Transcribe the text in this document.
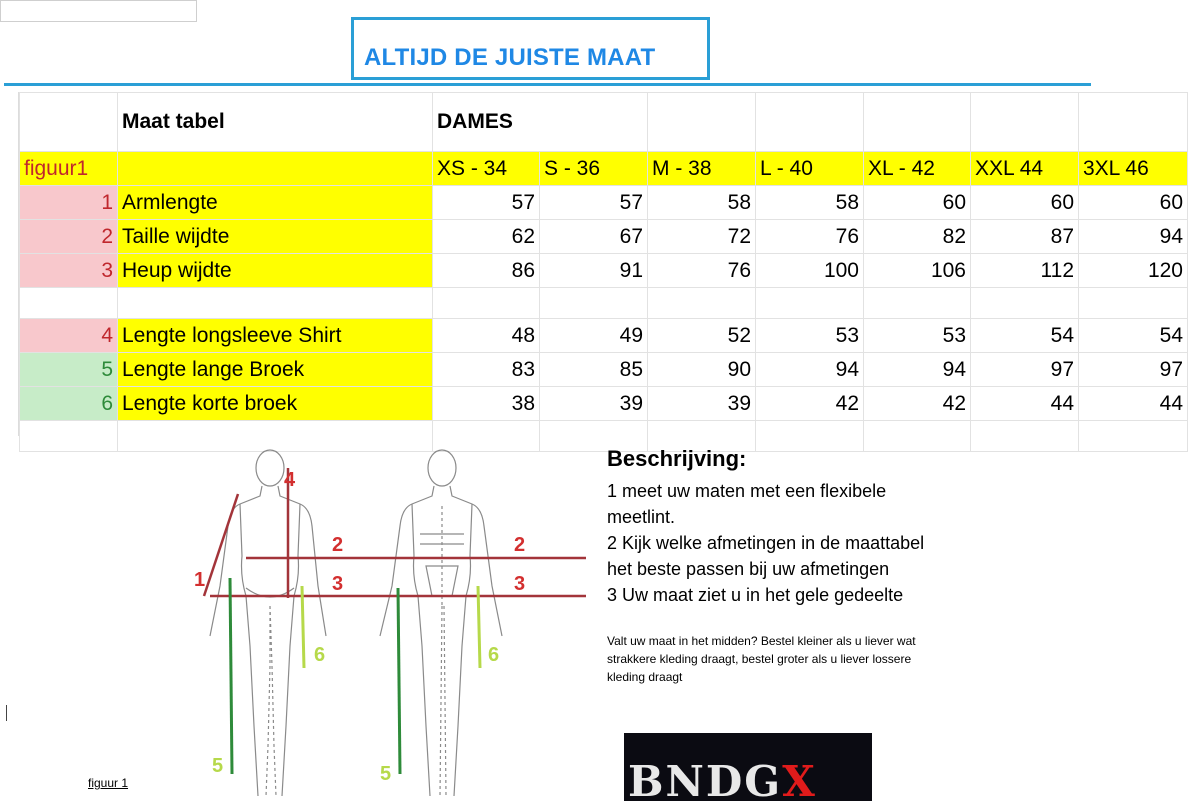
ALTIJD DE JUISTE MAAT
	Maat tabel	DAMES						
figuur1		XS - 34	S - 36	M - 38	L - 40	XL - 42	XXL 44	3XL 46
1	Armlengte	57	57	58	58	60	60	60
2	Taille wijdte	62	67	72	76	82	87	94
3	Heup wijdte	86	91	76	100	106	112	120

4	Lengte longsleeve Shirt	48	49	52	53	53	54	54
5	Lengte lange Broek	83	85	90	94	94	97	97
6	Lengte korte broek	38	39	39	42	42	44	44

4
2	2
3	3
1
6	6
5	5
figuur 1
Beschrijving:
1 meet uw maten met een flexibele meetlint.
2 Kijk welke afmetingen in de maattabel het beste passen bij uw afmetingen
3 Uw maat ziet u in het gele gedeelte
Valt uw maat in het midden? Bestel kleiner als u liever wat strakkere kleding draagt, bestel groter als u liever lossere kleding draagt
BNDGX
